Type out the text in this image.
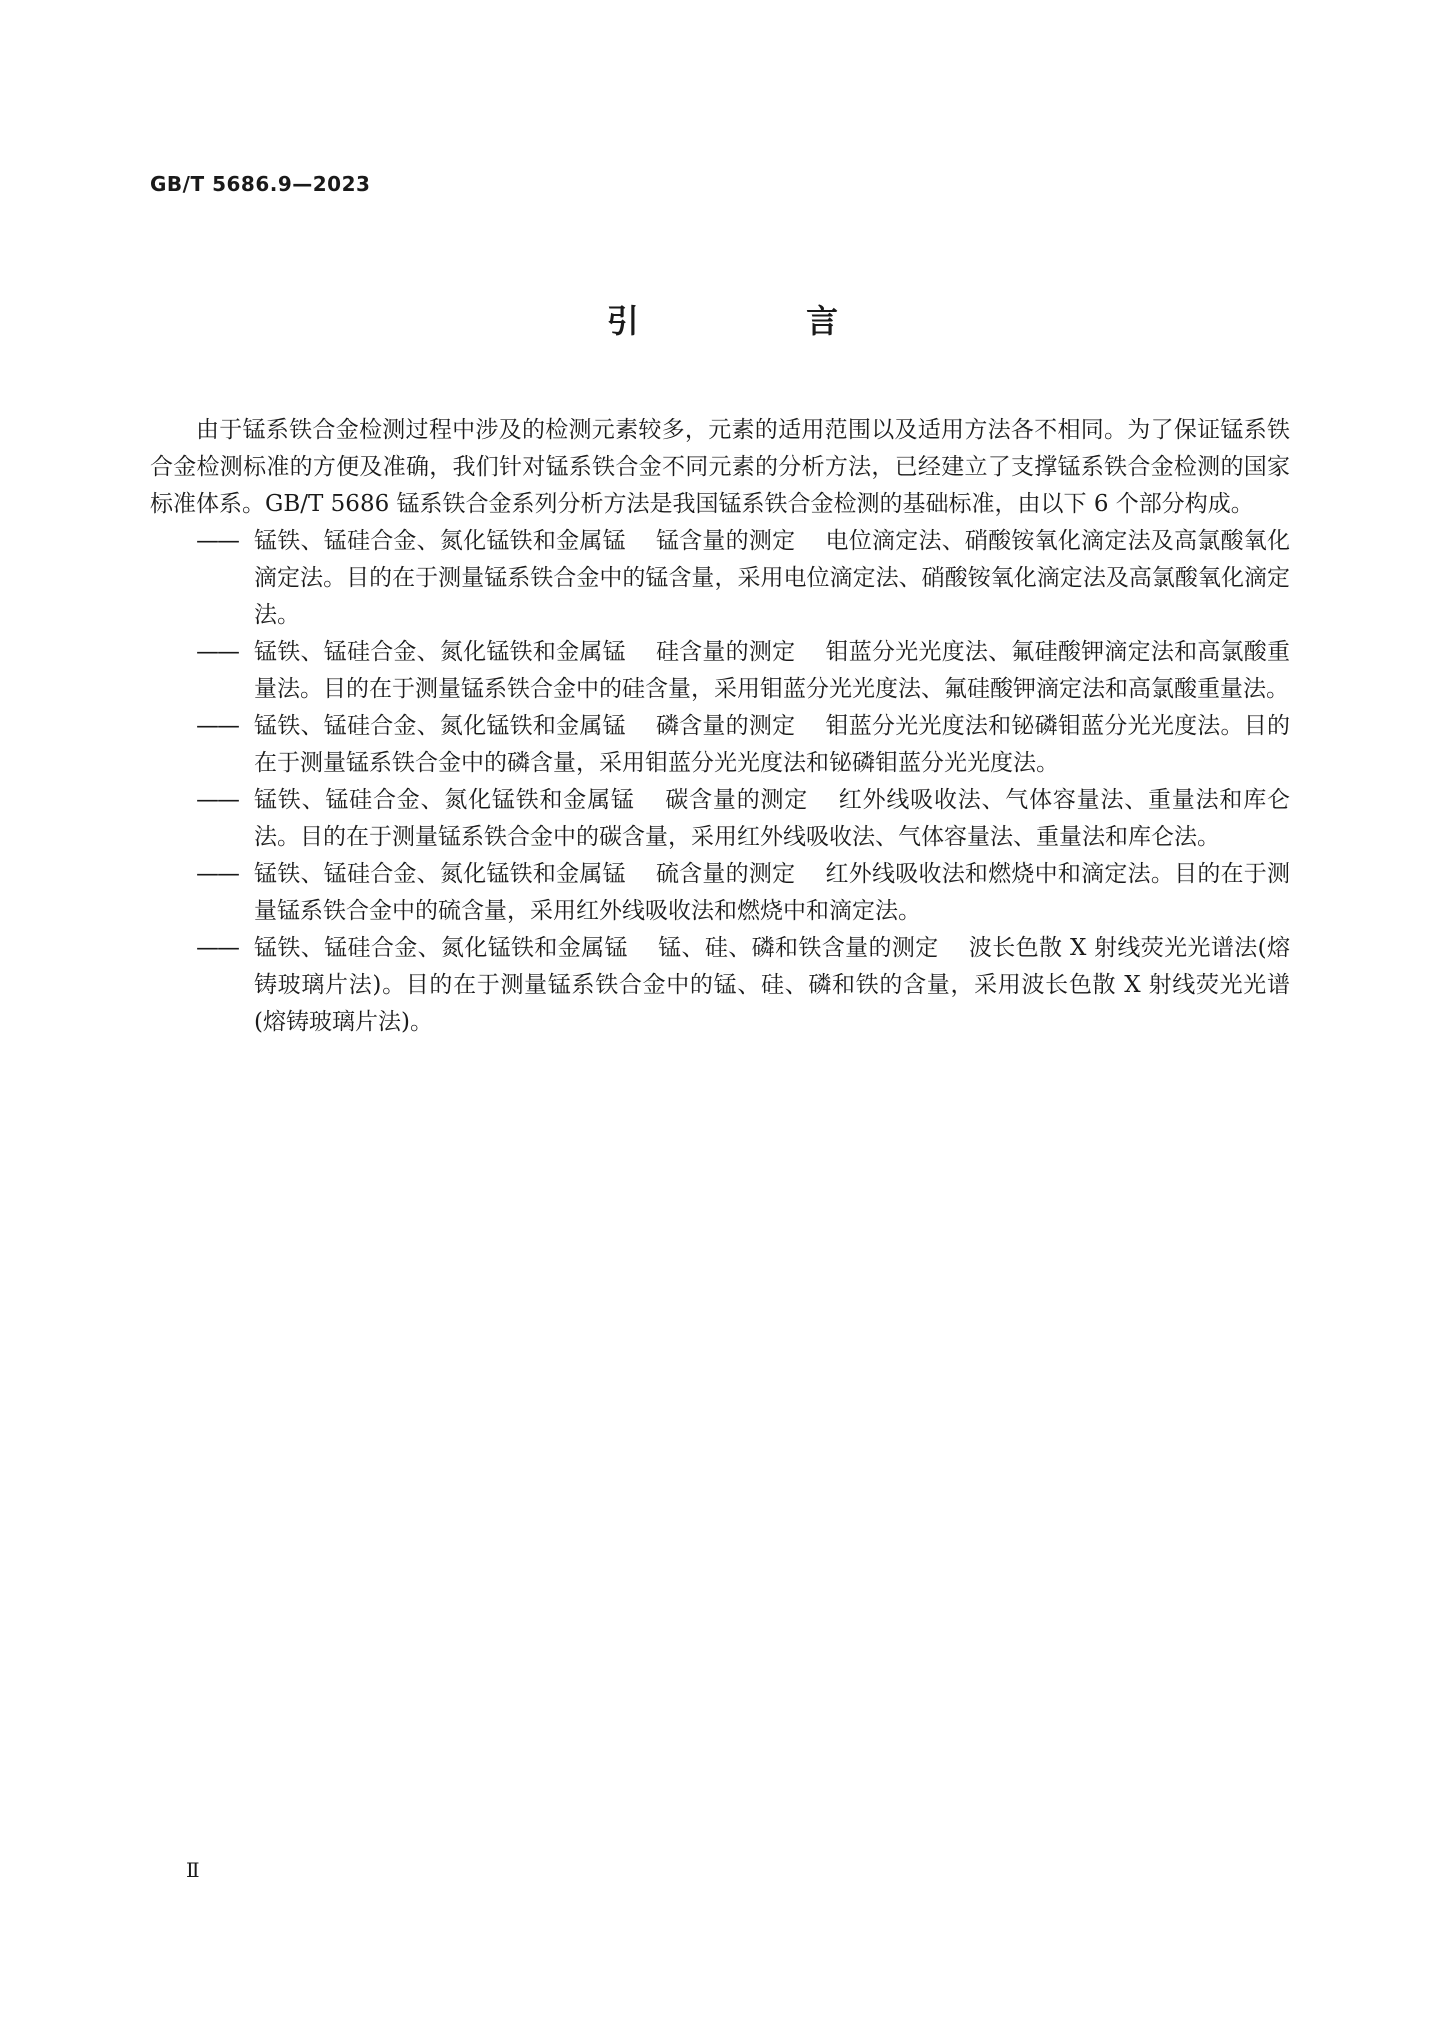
GB/T 5686.9—2023
引 言

由于锰系铁合金检测过程中涉及的检测元素较多，元素的适用范围以及适用方法各不相同。为了保证锰系铁合金检测标准的方便及准确，我们针对锰系铁合金不同元素的分析方法，已经建立了支撑锰系铁合金检测的国家标准体系。GB/T 5686 锰系铁合金系列分析方法是我国锰系铁合金检测的基础标准，由以下 6 个部分构成。

—— 锰铁、锰硅合金、氮化锰铁和金属锰 锰含量的测定 电位滴定法、硝酸铵氧化滴定法及高氯酸氧化滴定法。目的在于测量锰系铁合金中的锰含量，采用电位滴定法、硝酸铵氧化滴定法及高氯酸氧化滴定法。
—— 锰铁、锰硅合金、氮化锰铁和金属锰 硅含量的测定 钼蓝分光光度法、氟硅酸钾滴定法和高氯酸重量法。目的在于测量锰系铁合金中的硅含量，采用钼蓝分光光度法、氟硅酸钾滴定法和高氯酸重量法。
—— 锰铁、锰硅合金、氮化锰铁和金属锰 磷含量的测定 钼蓝分光光度法和铋磷钼蓝分光光度法。目的在于测量锰系铁合金中的磷含量，采用钼蓝分光光度法和铋磷钼蓝分光光度法。
—— 锰铁、锰硅合金、氮化锰铁和金属锰 碳含量的测定 红外线吸收法、气体容量法、重量法和库仑法。目的在于测量锰系铁合金中的碳含量，采用红外线吸收法、气体容量法、重量法和库仑法。
—— 锰铁、锰硅合金、氮化锰铁和金属锰 硫含量的测定 红外线吸收法和燃烧中和滴定法。目的在于测量锰系铁合金中的硫含量，采用红外线吸收法和燃烧中和滴定法。
—— 锰铁、锰硅合金、氮化锰铁和金属锰 锰、硅、磷和铁含量的测定 波长色散 X 射线荧光光谱法(熔铸玻璃片法)。目的在于测量锰系铁合金中的锰、硅、磷和铁的含量，采用波长色散 X 射线荧光光谱(熔铸玻璃片法)。
Ⅱ
